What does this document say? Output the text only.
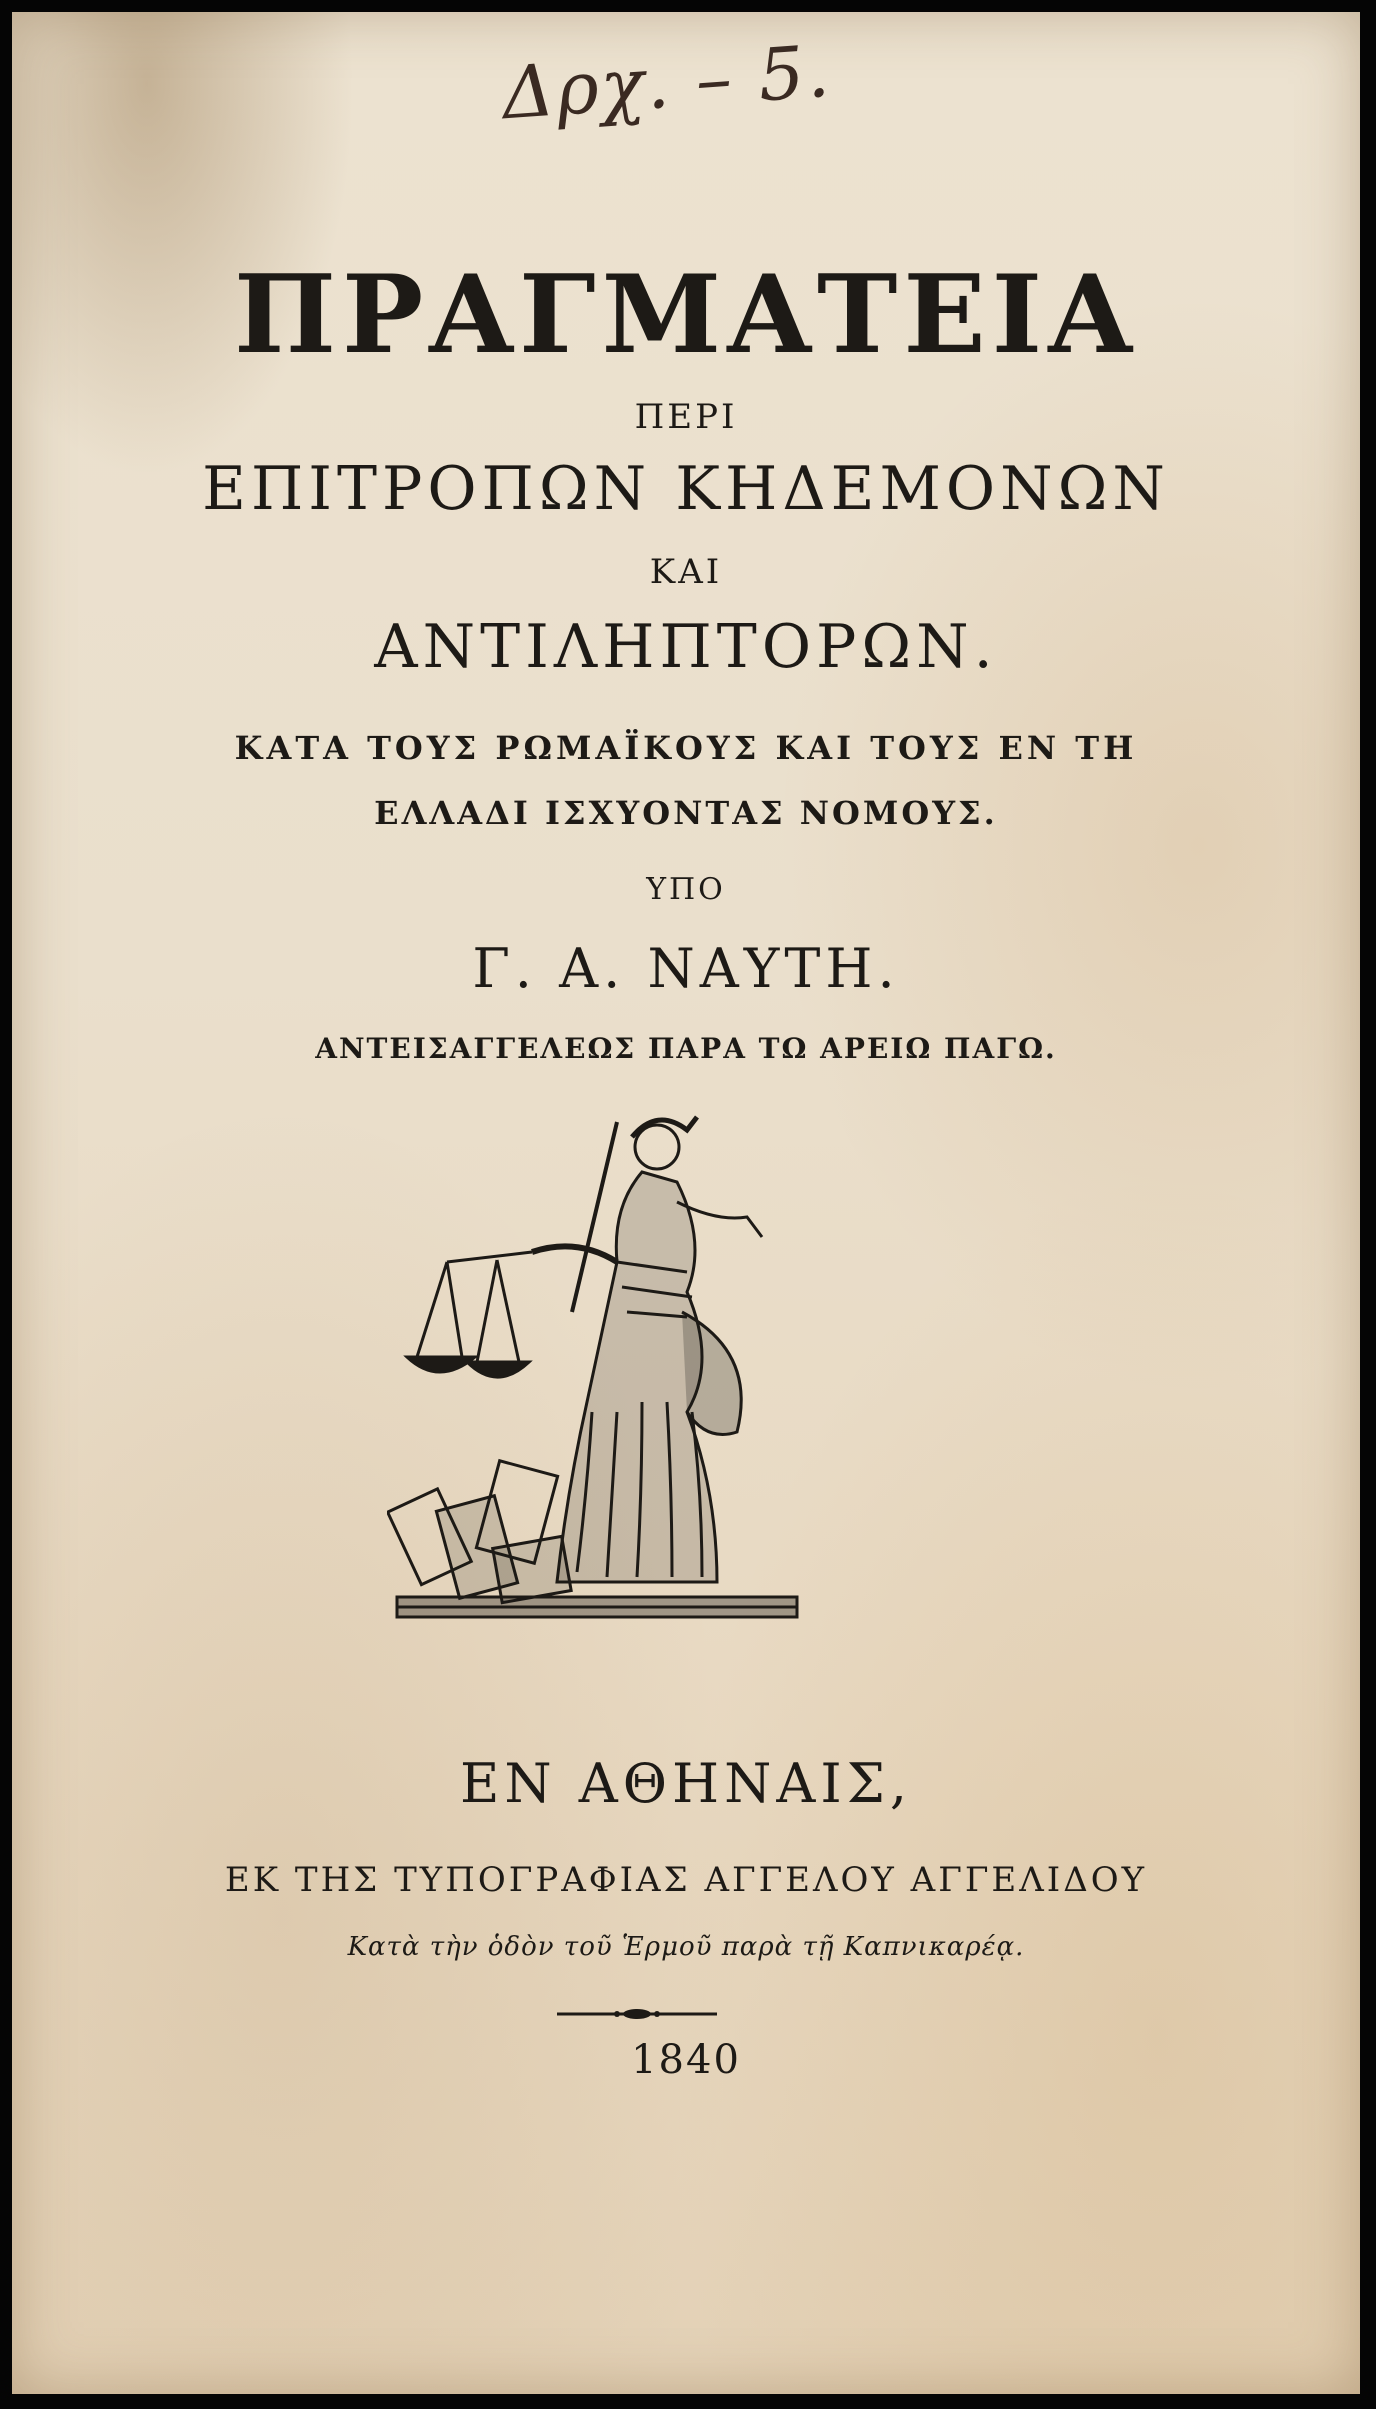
Δρχ. – 5.
ΠΡΑΓΜΑΤΕΙΑ
ΠΕΡΙ
ΕΠΙΤΡΟΠΩΝ ΚΗΔΕΜΟΝΩΝ
ΚΑΙ
ΑΝΤΙΛΗΠΤΟΡΩΝ.
ΚΑΤΑ ΤΟΥΣ ΡΩΜΑΪΚΟΥΣ ΚΑΙ ΤΟΥΣ ΕΝ ΤΗ
ΕΛΛΑΔΙ ΙΣΧΥΟΝΤΑΣ ΝΟΜΟΥΣ.
ΥΠΟ
Γ. Α. ΝΑΥΤΗ.
ΑΝΤΕΙΣΑΓΓΕΛΕΩΣ ΠΑΡΑ ΤΩ ΑΡΕΙΩ ΠΑΓΩ.
ΕΝ ΑΘΗΝΑΙΣ,
ΕΚ ΤΗΣ ΤΥΠΟΓΡΑΦΙΑΣ ΑΓΓΕΛΟΥ ΑΓΓΕΛΙΔΟΥ
Κατὰ τὴν ὁδὸν τοῦ Ἑρμοῦ παρὰ τῇ Καπνικαρέᾳ.
1840
